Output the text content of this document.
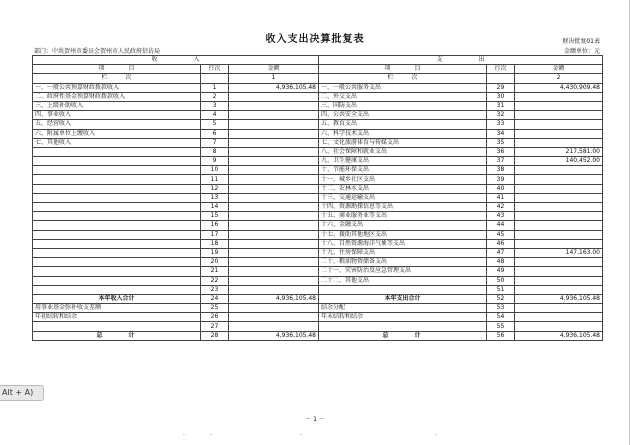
收入支出决算批复表	财决批复01表
部门：中共贺州市委员会贺州市人民政府信访局	金额单位：元
收　　　　　　入			支　　　　　　出		
项　　　　目	行次	金额	项　　　　目	行次	金额
栏　　　次		1	栏　　　次		2
一、一般公共预算财政拨款收入	1	4,936,105.48	一、一般公共服务支出	29	4,430,909.48
二、政府性基金预算财政拨款收入	2		二、外交支出	30	
三、上级补助收入	3		三、国防支出	31	
四、事业收入	4		四、公共安全支出	32	
五、经营收入	5		五、教育支出	33	
六、附属单位上缴收入	6		六、科学技术支出	34	
七、其他收入	7		七、文化旅游体育与传媒支出	35	
	8		八、社会保障和就业支出	36	217,581.00
	9		九、卫生健康支出	37	140,452.00
	10		十、节能环保支出	38	
	11		十一、城乡社区支出	39	
	12		十二、农林水支出	40	
	13		十三、交通运输支出	41	
	14		十四、资源勘探信息等支出	42	
	15		十五、商业服务业等支出	43	
	16		十六、金融支出	44	
	17		十七、援助其他地区支出	45	
	18		十八、自然资源海洋气象等支出	46	
	19		十九、住房保障支出	47	147,163.00
	20		二十、粮油物资储备支出	48	
	21		二十一、灾害防治及应急管理支出	49	
	22		二十二、其他支出	50	
	23			51	
本年收入合计	24	4,936,105.48	本年支出合计	52	4,936,105.48
用事业基金弥补收支差额	25		结余分配	53	
年初结转和结余	26		年末结转和结余	54	
	27			55	
总　　　计	28	4,936,105.48	总　　　计	56	4,936,105.48
－ 1 －
·	·	·	·
Alt + A)
